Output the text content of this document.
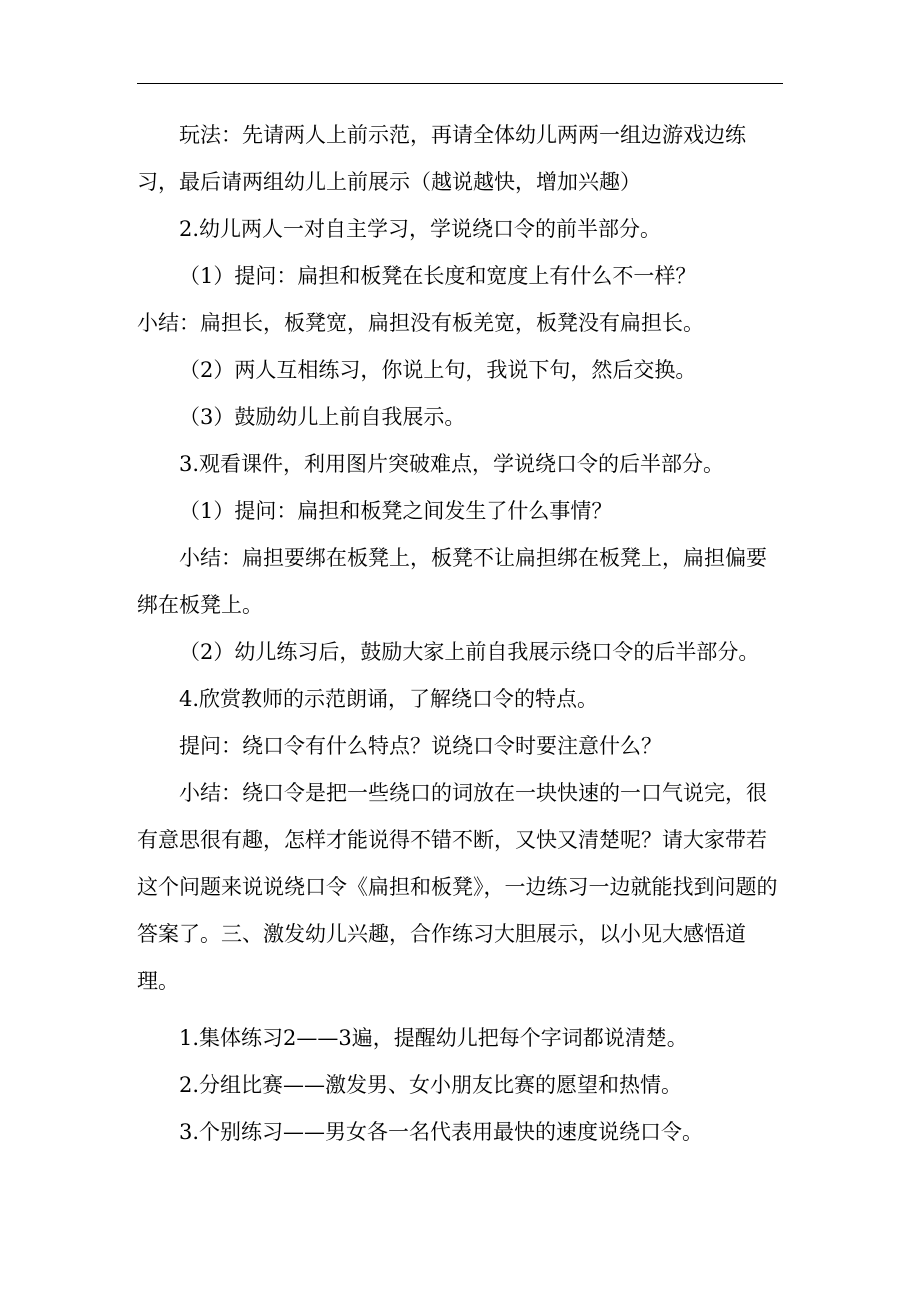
玩法：先请两人上前示范，再请全体幼儿两两一组边游戏边练习，最后请两组幼儿上前展示（越说越快，增加兴趣）

2.幼儿两人一对自主学习，学说绕口令的前半部分。

（1）提问：扁担和板凳在长度和宽度上有什么不一样？

小结：扁担长，板凳宽，扁担没有板羌宽，板凳没有扁担长。

（2）两人互相练习，你说上句，我说下句，然后交换。

（3）鼓励幼儿上前自我展示。

3.观看课件，利用图片突破难点，学说绕口令的后半部分。

（1）提问：扁担和板凳之间发生了什么事情？

小结：扁担要绑在板凳上，板凳不让扁担绑在板凳上，扁担偏要绑在板凳上。

（2）幼儿练习后，鼓励大家上前自我展示绕口令的后半部分。

4.欣赏教师的示范朗诵，了解绕口令的特点。

提问：绕口令有什么特点？说绕口令时要注意什么？

小结：绕口令是把一些绕口的词放在一块快速的一口气说完，很有意思很有趣，怎样才能说得不错不断，又快又清楚呢？请大家带若这个问题来说说绕口令《扁担和板凳》，一边练习一边就能找到问题的答案了。三、激发幼儿兴趣，合作练习大胆展示，以小见大感悟道理。

1.集体练习2——3遍，提醒幼儿把每个字词都说清楚。

2.分组比赛——激发男、女小朋友比赛的愿望和热情。

3.个别练习——男女各一名代表用最快的速度说绕口令。
